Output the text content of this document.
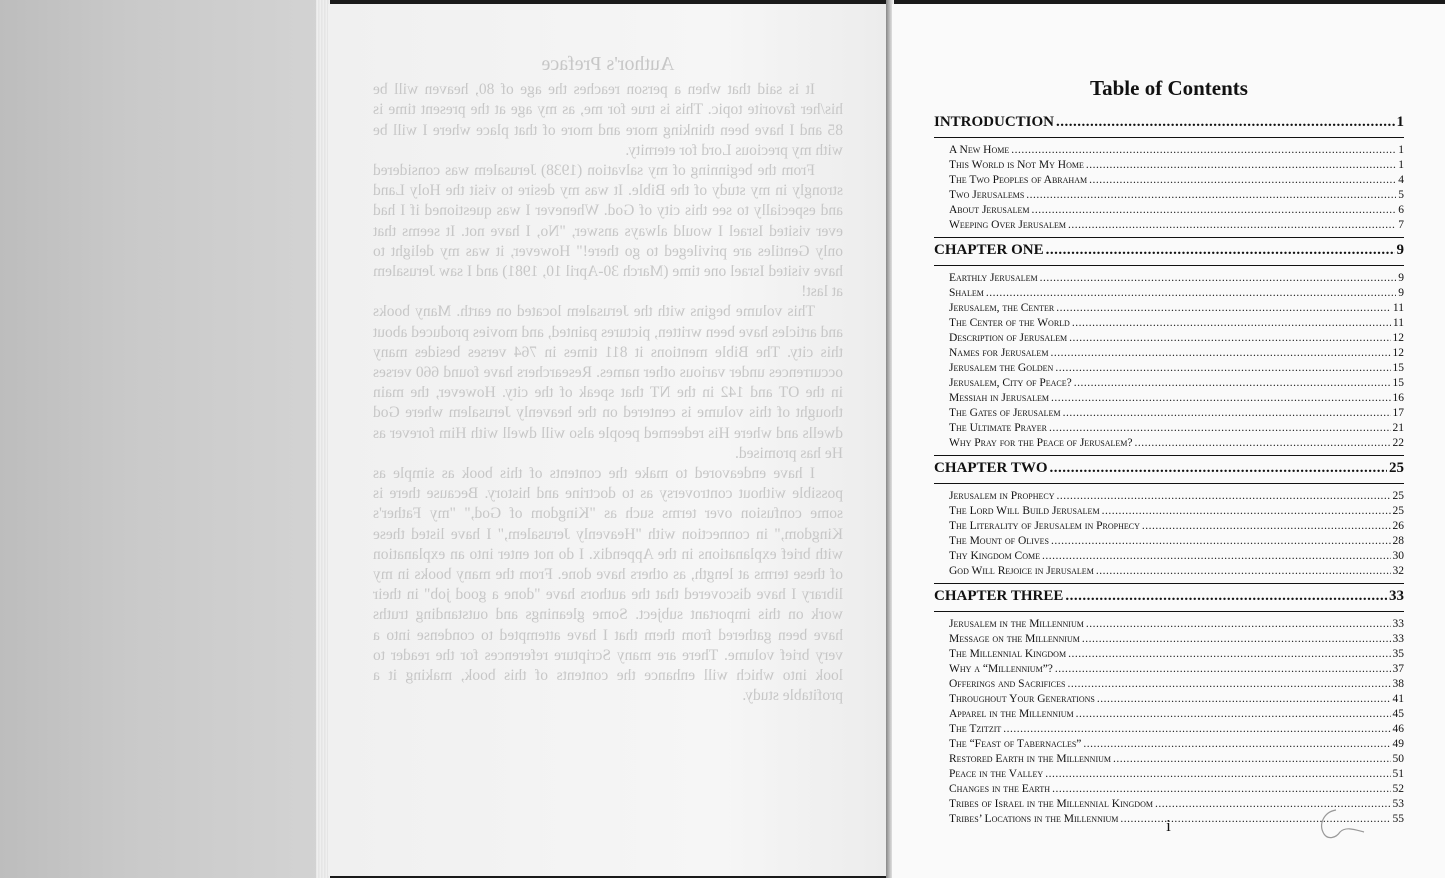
Author's Preface

It is said that when a person reaches the age of 80, heaven will be his/her favorite topic. This is true for me, as my age at the present time is 85 and I have been thinking more and more of that place where I will be with my precious Lord for eternity.

From the beginning of my salvation (1938) Jerusalem was considered strongly in my study of the Bible. It was my desire to visit the Holy Land and especially to see this city of God. Whenever I was questioned if I had ever visited Israel I would always answer, "No, I have not. It seems that only Gentiles are privileged to go there!" However, it was my delight to have visited Israel one time (March 30-April 10, 1981) and I saw Jerusalem at last!

This volume begins with the Jerusalem located on earth. Many books and articles have been written, pictures painted, and movies produced about this city. The Bible mentions it 811 times in 764 verses besides many occurrences under various other names. Researchers have found 660 verses in the OT and 142 in the NT that speak of the city. However, the main thought of this volume is centered on the heavenly Jerusalem where God dwells and where His redeemed people also will dwell with Him forever as He has promised.

I have endeavored to make the contents of this book as simple as possible without controversy as to doctrine and history. Because there is some confusion over terms such as "Kingdom of God," "my Father's Kingdom," in connection with "Heavenly Jerusalem," I have listed these with brief explanations in the Appendix. I do not enter into an explanation of these terms at length, as others have done. From the many books in my library I have discovered that the authors have "done a good job" in their work on this important subject. Some gleanings and outstanding truths have been gathered from them that I have attempted to condense into a very brief volume. There are many Scripture references for the reader to look into which will enhance the contents of this book, making it a profitable study.

Table of Contents
INTRODUCTION .....	1
A New Home .....	1
This World is Not My Home .....	1
The Two Peoples of Abraham .....	4
Two Jerusalems .....	5
About Jerusalem .....	6
Weeping Over Jerusalem .....	7
CHAPTER ONE .....	9
Earthly Jerusalem .....	9
Shalem .....	9
Jerusalem, the Center .....	11
The Center of the World .....	11
Description of Jerusalem .....	12
Names for Jerusalem .....	12
Jerusalem the Golden .....	15
Jerusalem, City of Peace? .....	15
Messiah in Jerusalem .....	16
The Gates of Jerusalem .....	17
The Ultimate Prayer .....	21
Why Pray for the Peace of Jerusalem? .....	22
CHAPTER TWO .....	25
Jerusalem in Prophecy .....	25
The Lord Will Build Jerusalem .....	25
The Literality of Jerusalem in Prophecy .....	26
The Mount of Olives .....	28
Thy Kingdom Come .....	30
God Will Rejoice in Jerusalem .....	32
CHAPTER THREE .....	33
Jerusalem in the Millennium .....	33
Message on the Millennium .....	33
The Millennial Kingdom .....	35
Why a “Millennium”? .....	37
Offerings and Sacrifices .....	38
Throughout Your Generations .....	41
Apparel in the Millennium .....	45
The Tzitzit .....	46
The “Feast of Tabernacles” .....	49
Restored Earth in the Millennium .....	50
Peace in the Valley .....	51
Changes in the Earth .....	52
Tribes of Israel in the Millennial Kingdom .....	53
Tribes’ Locations in the Millennium .....	55
i
